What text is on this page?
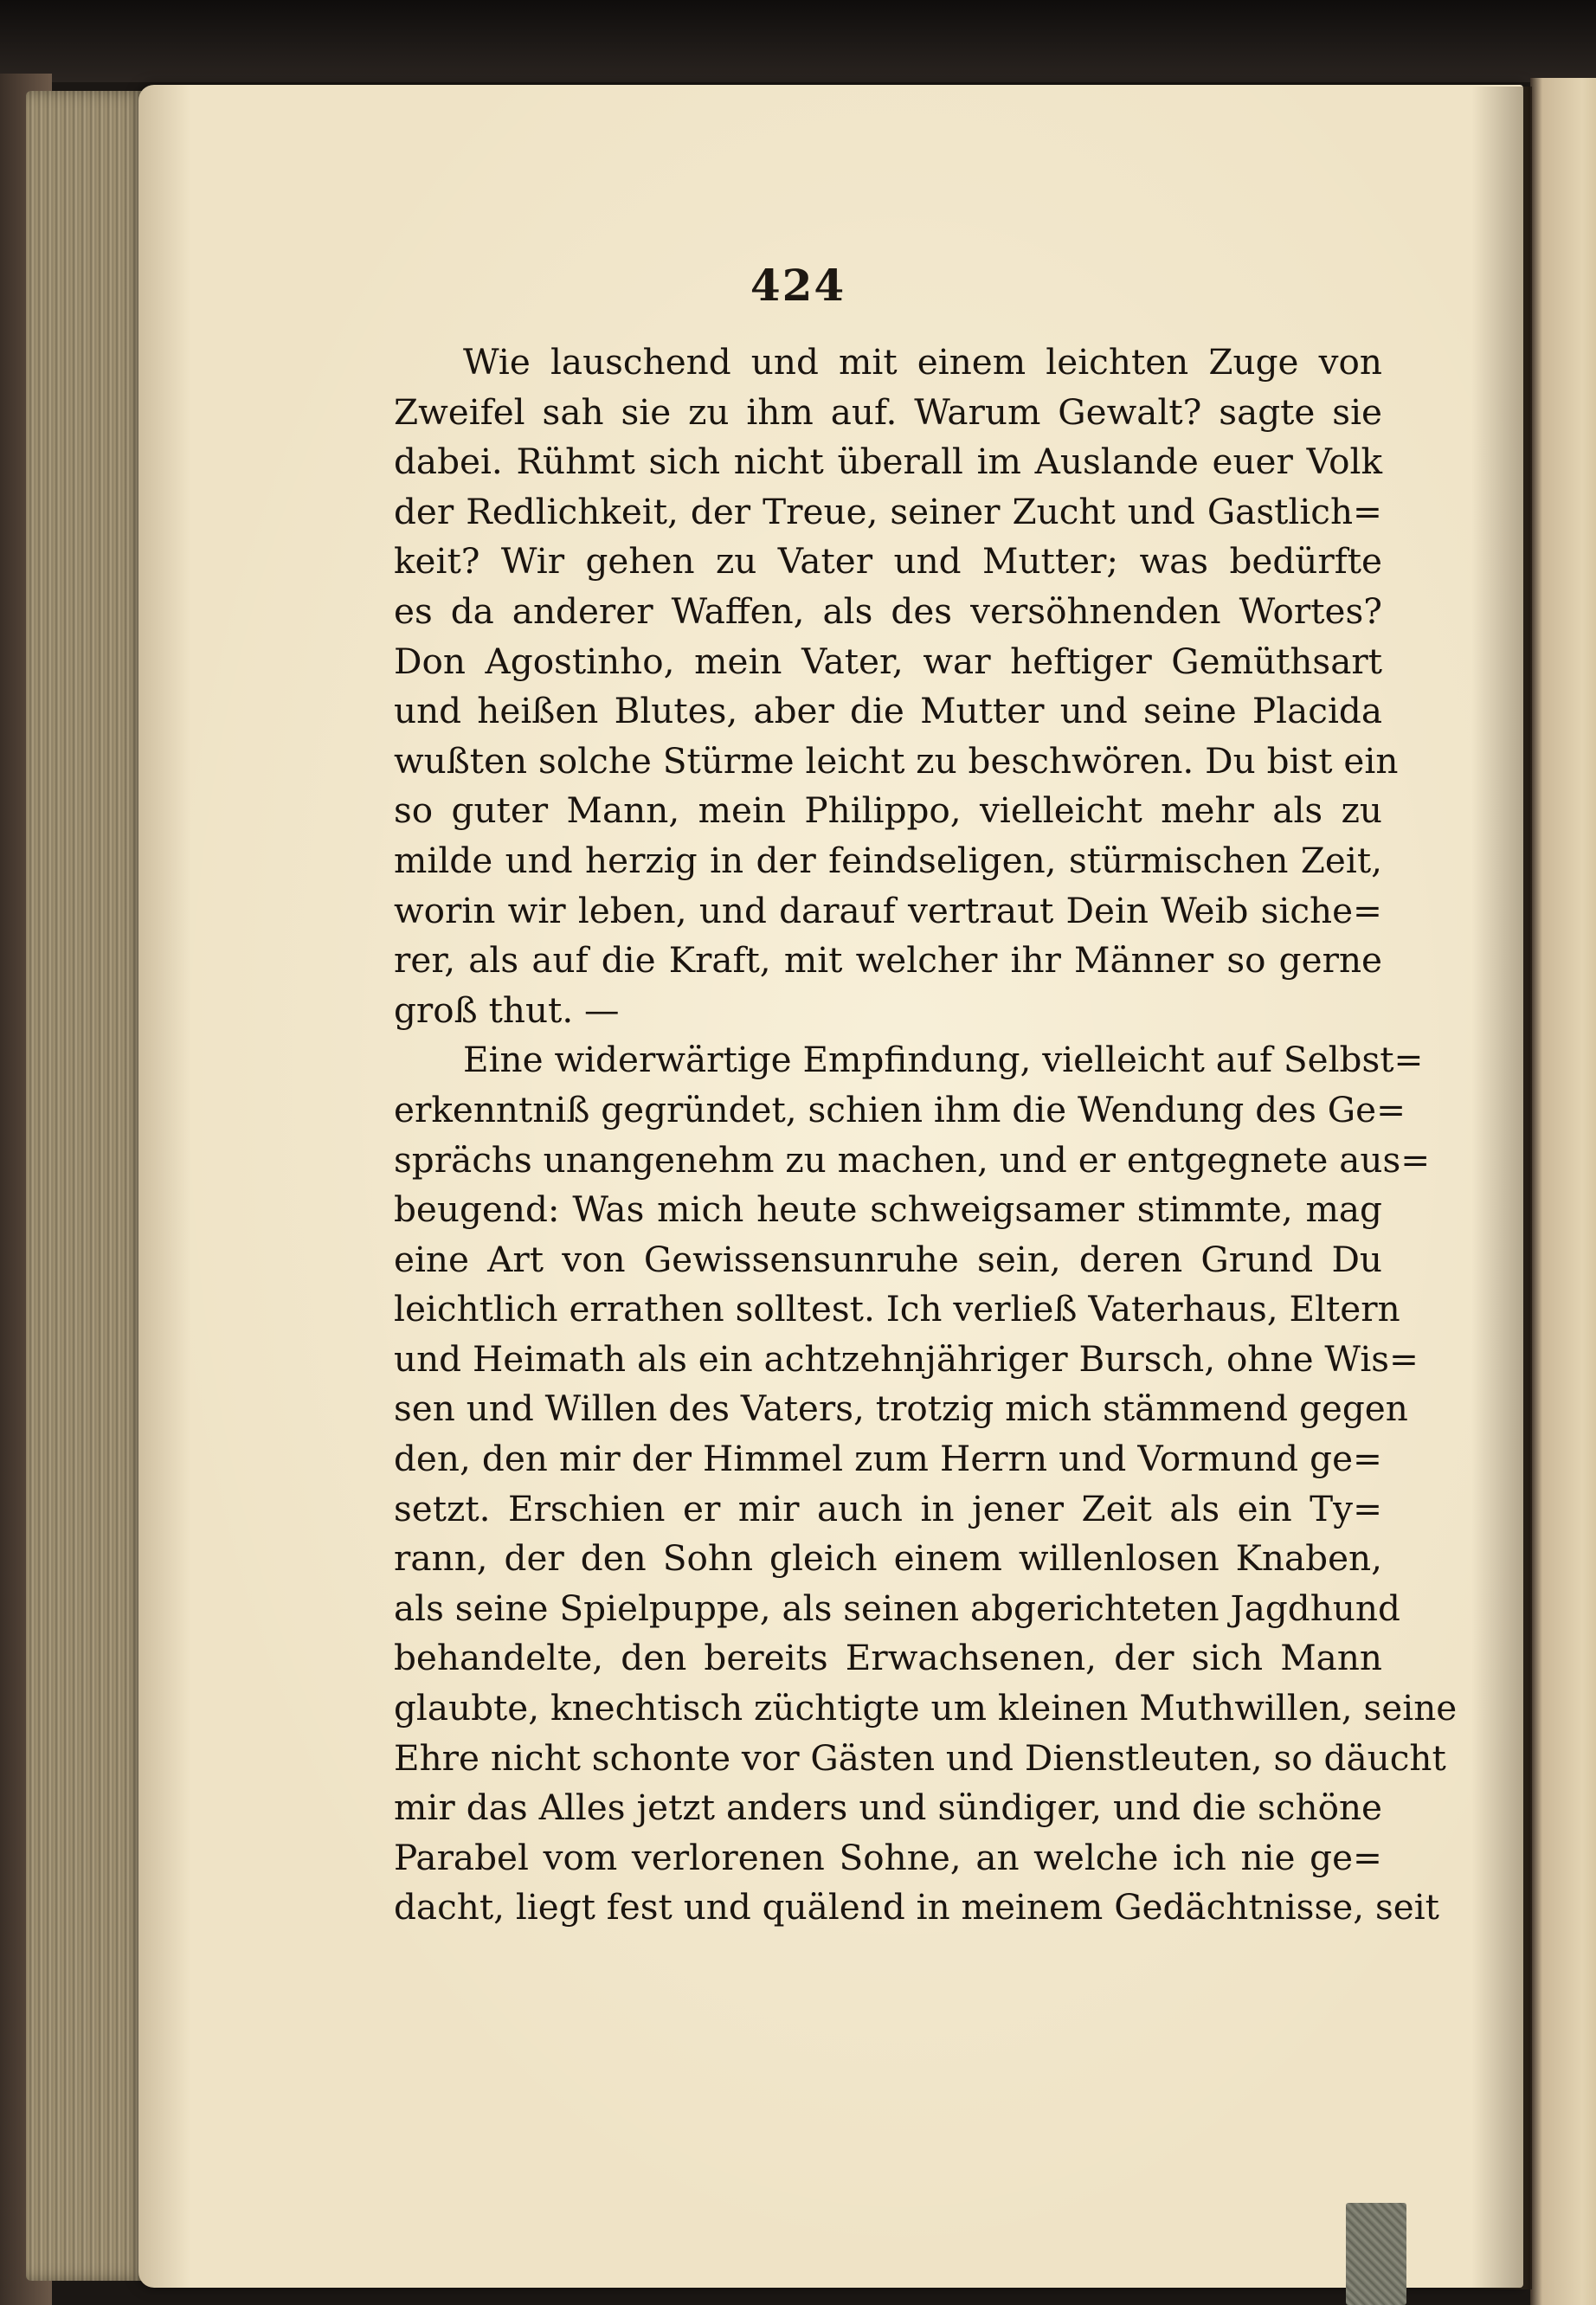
424
Wie lauschend und mit einem leichten Zuge von
Zweifel sah sie zu ihm auf. Warum Gewalt? sagte sie
dabei. Rühmt sich nicht überall im Auslande euer Volk
der Redlichkeit, der Treue, seiner Zucht und Gastlich=
keit? Wir gehen zu Vater und Mutter; was bedürfte
es da anderer Waffen, als des versöhnenden Wortes?
Don Agostinho, mein Vater, war heftiger Gemüthsart
und heißen Blutes, aber die Mutter und seine Placida
wußten solche Stürme leicht zu beschwören. Du bist ein
so guter Mann, mein Philippo, vielleicht mehr als zu
milde und herzig in der feindseligen, stürmischen Zeit,
worin wir leben, und darauf vertraut Dein Weib siche=
rer, als auf die Kraft, mit welcher ihr Männer so gerne
groß thut. —
Eine widerwärtige Empfindung, vielleicht auf Selbst=
erkenntniß gegründet, schien ihm die Wendung des Ge=
sprächs unangenehm zu machen, und er entgegnete aus=
beugend: Was mich heute schweigsamer stimmte, mag
eine Art von Gewissensunruhe sein, deren Grund Du
leichtlich errathen solltest. Ich verließ Vaterhaus, Eltern
und Heimath als ein achtzehnjähriger Bursch, ohne Wis=
sen und Willen des Vaters, trotzig mich stämmend gegen
den, den mir der Himmel zum Herrn und Vormund ge=
setzt. Erschien er mir auch in jener Zeit als ein Ty=
rann, der den Sohn gleich einem willenlosen Knaben,
als seine Spielpuppe, als seinen abgerichteten Jagdhund
behandelte, den bereits Erwachsenen, der sich Mann
glaubte, knechtisch züchtigte um kleinen Muthwillen, seine
Ehre nicht schonte vor Gästen und Dienstleuten, so däucht
mir das Alles jetzt anders und sündiger, und die schöne
Parabel vom verlorenen Sohne, an welche ich nie ge=
dacht, liegt fest und quälend in meinem Gedächtnisse, seit
